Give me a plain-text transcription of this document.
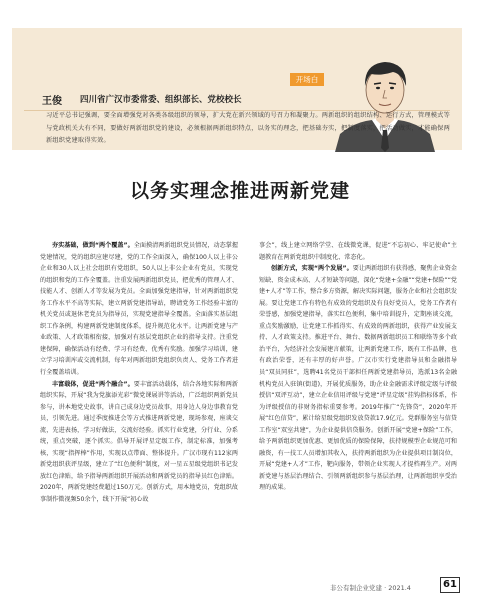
开场白
王俊 四川省广汉市委常委、组织部长、党校校长
习近平总书记强调，要全面增强党对各类各级组织的领导，扩大党在新兴领域的号召力和凝聚力。两新组织的组织结构、运行方式，管理模式等与党政机关大有不同，要做好两新组织党的建设，必须根据两新组织特点，以务实的理念，把基础夯实，把制度落实，把活动做实，才能确保两新组织党建取得实效。
以务实理念推进两新党建

夯实基础，做到“两个覆盖”。全面摸清两新组织党员情况，动态掌握党建情况，党的组织应建尽建，党的工作全面深入，确保100人以上非公企业和30人以上社会组织有党组织，50人以上非公企业有党员，实现党的组织和党的工作全覆盖。注重发展两新组织党员，把优秀的管理人才、技能人才、创新人才等发展为党员。全面加强党建指导，针对两新组织党务工作水平不高等实际，建立两新党建指导站，聘请党务工作经验丰富的机关党员或退休老党员为指导员，实现党建指导全覆盖。全面落实基层组织工作条例，构建两新党建制度体系，提升规范化水平。让两新党建与产业政策、人才政策相衔接，加强对有基层党组织企业的指导支持。注重党建保障，确保活动有经费、学习有经费、优秀有奖励。加强学习培训，建立学习培训库或交流机制，每年对两新组织党组织负责人、党务工作者进行全覆盖培训。

丰富载体，促进“两个融合”。要丰富活动载体，结合各地实际和两新组织实际，开展“我为党旗添光彩”微党课展讲等活动，广泛组织两新党员参与，讲本地党史故事，讲自己成身边党员故事，用身边人身边事教育党员，引领先进。通过季度推进会等方式推进两新党建，现场参观，座谈交流，先进表扬，学习好做法，交流好经验。抓实行业党建，分行业、分系统，重点突破，逐个抓实。倡导开展评星定级工作，制定标准，加强考核，实现“指挥棒”作用，实现以点带面、整体提升。广汉市现有112家两新党组织获评星级，建立了“红色便利”制度，对一星五星级党组织书记发放红色津贴，给予指导两新组织开展活动和两新党员的指导员红色津贴。2020年，两新党建经费超过150万元。创新方式，用本地党员，党组织故事制作微视频50余个，线下开展“初心故

事会”，线上建立网络学堂、在线微党课，促进“不忘初心、牢记使命”主题教育在两新党组织中制度化、常态化。

创新方式，实现“两个发展”。要让两新组织有获得感，聚焦企业资金短缺、资金成本高、人才短缺等问题，深化“党建+金融”“党建+保险”“党建+人才”等工作，整合多方资源，解决实际问题，服务企业和社会组织发展。要让党建工作有特色有成效的党组织及有良好党员人，党务工作者有荣誉感，加强党建指导，落实红色便利，集中培训提升，定期座谈交流，重点奖励激励，让党建工作抓得实、有成效的两新组织，获得产业发展支持、人才政策支持。推进平台、舞台、数据两新组织员工和联络等多个政治平台，为经济社会发展建言献策，让两新党建工作，既有工作品牌，也有政治荣誉，还有丰厚的好声誉。广汉市实行党建指导员和金融指导员“双员同驻”，选聘41名党员干部担任两新党建指导员，选派13名金融机构党员入驻镇(街道)，开展优质服务，助企业金融需求评级定级与评级授信“双评互动”，建立企业信用评级与党建“评星定级”挂钩指标体系，作为评级授信的非财务指标重要参考。2019年推广“先锋贷”，2020年开展“红色信贷”，累计给星级党组织发放贷款17.9亿元。党群服务室与信贷工作室“双室共建”，为企业提供信贷服务。创新开展“党建+保险”工作，给予两新组织更加优惠、更加优质的保险保障，扶持规模型企业规范可和融资，有一技工人员增加其收入，扶持两新组织为企业提供项目制岗位，开展“党建+人才”工作，靶向服务，带领企业实现人才提档再生产。对两新党建与基层治理结合、引领两新组织参与基层治理，让两新组织享受治理的成果。

非公有制企业党建 · 2021.4	61
